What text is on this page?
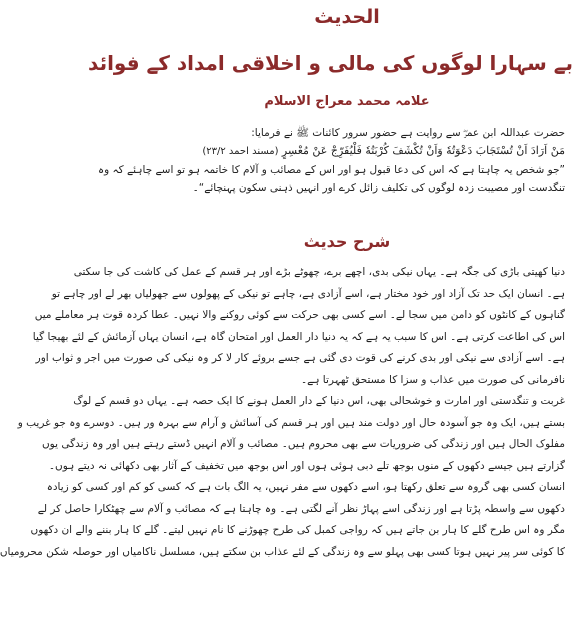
الحدیث
بے سہارا لوگوں کی مالی و اخلاقی امداد کے فوائد
علامہ محمد معراج الاسلام
حضرت عبداللہ ابن عمرؓ سے روایت ہے حضور سرور کائنات ﷺ نے فرمایا:
مَنْ اَرَادَ اَنْ تُسْتَجَابَ دَعْوَتُهٗ وَاَنْ تُكْشَفَ كُرْبَتُهٗ فَلْيُفَرِّجْ عَنْ مُعْسِرٍ (مسند احمد ۲۳/۲)
”جو شخص یہ چاہتا ہے کہ اس کی دعا قبول ہو اور اس کے مصائب و آلام کا خاتمہ ہو تو اسے چاہئے کہ وہ
تنگدست اور مصیبت زدہ لوگوں کی تکلیف زائل کرے اور انہیں ذہنی سکون پہنچائے“۔
شرح حدیث
دنیا کھیتی باڑی کی جگہ ہے۔ یہاں نیکی بدی، اچھے برے، چھوٹے بڑے اور ہر قسم کے عمل کی کاشت کی جا سکتی
ہے۔ انسان ایک حد تک آزاد اور خود مختار ہے، اسے آزادی ہے، چاہے تو نیکی کے پھولوں سے جھولیاں بھر لے اور چاہے تو
گناہوں کے کانٹوں کو دامن میں سجا لے۔ اسے کسی بھی حرکت سے کوئی روکنے والا نہیں۔ عطا کردہ قوت ہر معاملے میں
اس کی اطاعت کرتی ہے۔ اس کا سبب یہ ہے کہ یہ دنیا دار العمل اور امتحان گاہ ہے، انسان یہاں آزمائش کے لئے بھیجا گیا
ہے۔ اسے آزادی سے نیکی اور بدی کرنے کی قوت دی گئی ہے جسے بروئے کار لا کر وہ نیکی کی صورت میں اجر و ثواب اور
نافرمانی کی صورت میں عذاب و سزا کا مستحق ٹھہرتا ہے۔
غربت و تنگدستی اور امارت و خوشحالی بھی، اس دنیا کے دار العمل ہونے کا ایک حصہ ہے۔ یہاں دو قسم کے لوگ
بستے ہیں، ایک وہ جو آسودہ حال اور دولت مند ہیں اور ہر قسم کی آسائش و آرام سے بہرہ ور ہیں۔ دوسرے وہ جو غریب و
مفلوک الحال ہیں اور زندگی کی ضروریات سے بھی محروم ہیں۔ مصائب و آلام انہیں ڈستے رہتے ہیں اور وہ زندگی یوں
گزارتے ہیں جیسے دکھوں کے منوں بوجھ تلے دبی ہوئی ہوں اور اس بوجھ میں تخفیف کے آثار بھی دکھائی نہ دیتے ہوں۔
انسان کسی بھی گروہ سے تعلق رکھتا ہو، اسے دکھوں سے مفر نہیں، یہ الگ بات ہے کہ کسی کو کم اور کسی کو زیادہ
دکھوں سے واسطہ پڑتا ہے اور زندگی اسے پہاڑ نظر آنے لگتی ہے۔ وہ چاہتا ہے کہ مصائب و آلام سے چھٹکارا حاصل کر لے
مگر وہ اس طرح گلے کا ہار بن جاتے ہیں کہ رواجی کمبل کی طرح چھوڑنے کا نام نہیں لیتے۔ گلے کا ہار بننے والے ان دکھوں
کا کوئی سر پیر نہیں ہوتا کسی بھی پہلو سے وہ زندگی کے لئے عذاب بن سکتے ہیں، مسلسل ناکامیاں اور حوصلہ شکن محرومیاں
